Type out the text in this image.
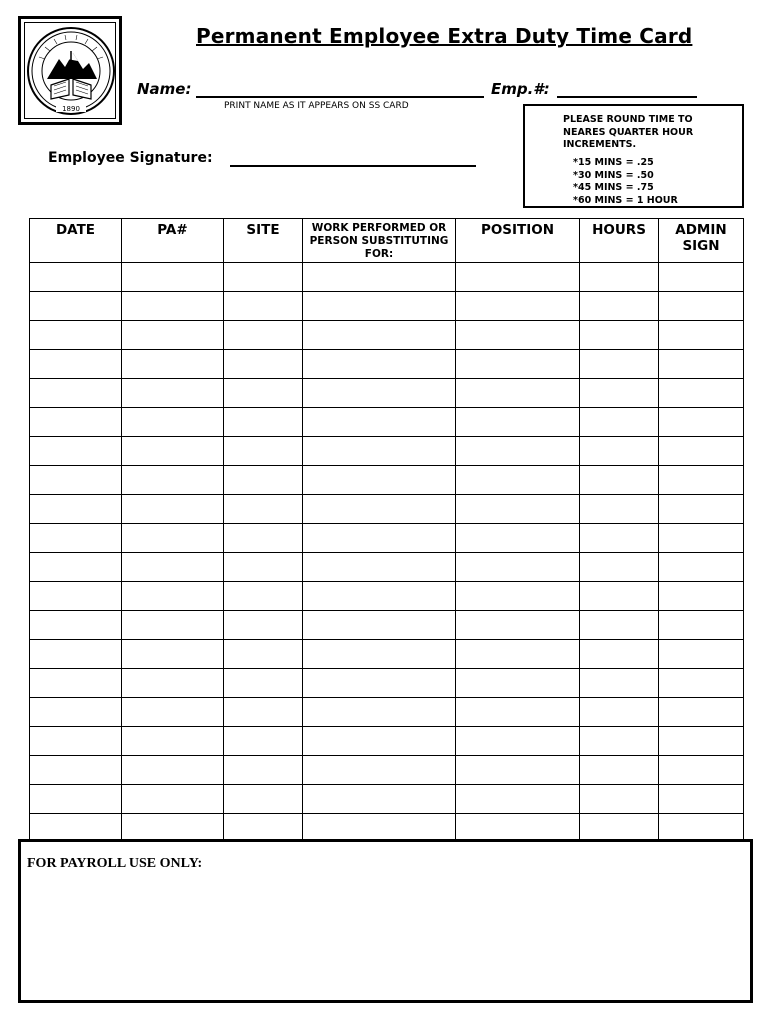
1890
Permanent Employee Extra Duty Time Card
Name:	Emp.#:
PRINT NAME AS IT APPEARS ON SS CARD
Employee Signature:
PLEASE ROUND TIME TO NEARES QUARTER HOUR INCREMENTS.
*15 MINS = .25
*30 MINS = .50
*45 MINS = .75
*60 MINS = 1 HOUR
DATE	PA#	SITE	WORK PERFORMED OR PERSON SUBSTITUTING FOR:	POSITION	HOURS	ADMIN SIGN

FOR PAYROLL USE ONLY:
